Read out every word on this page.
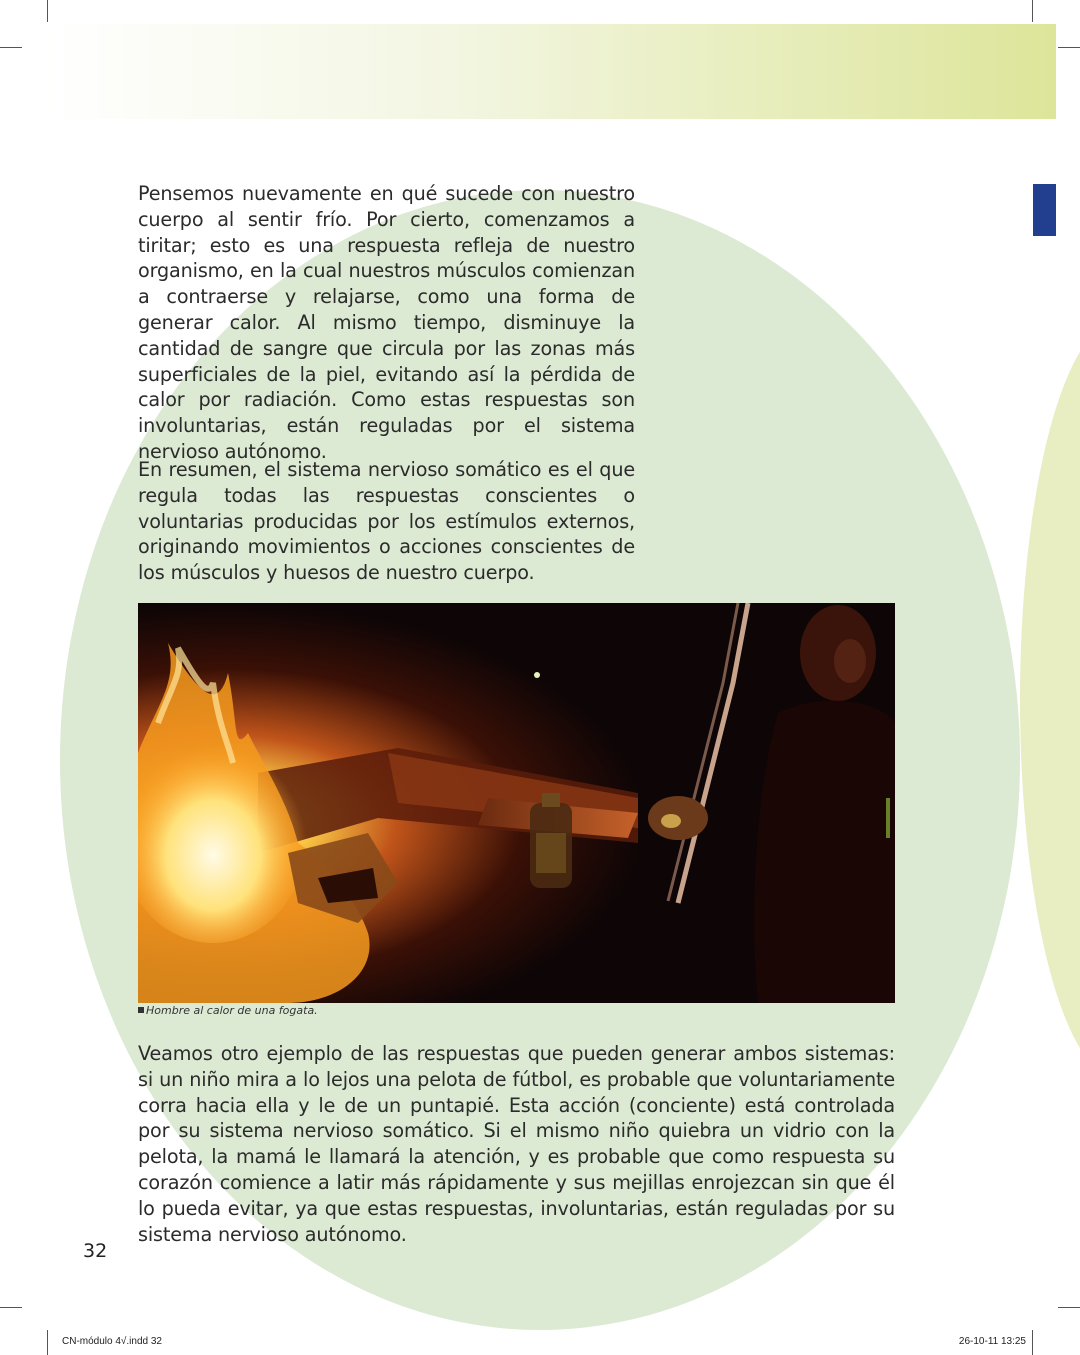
Pensemos nuevamente en qué sucede con nuestro cuerpo al sentir frío. Por cierto, comenzamos a tiritar; esto es una respuesta refleja de nuestro organismo, en la cual nuestros músculos comienzan a contraerse y relajarse, como una forma de generar calor. Al mismo tiempo, disminuye la cantidad de sangre que circula por las zonas más superficiales de la piel, evitando así la pérdida de calor por radiación. Como estas respuestas son involuntarias, están reguladas por el sistema nervioso autónomo.
En resumen, el sistema nervioso somático es el que regula todas las respuestas conscientes o voluntarias producidas por los estímulos externos, originando movimientos o acciones conscientes de los músculos y huesos de nuestro cuerpo.
Hombre al calor de una fogata.
Veamos otro ejemplo de las respuestas que pueden generar ambos sistemas: si un niño mira a lo lejos una pelota de fútbol, es probable que voluntariamente corra hacia ella y le de un puntapié. Esta acción (conciente) está controlada por su sistema nervioso somático. Si el mismo niño quiebra un vidrio con la pelota, la mamá le llamará la atención, y es probable que como respuesta su corazón comience a latir más rápidamente y sus mejillas enrojezcan sin que él lo pueda evitar, ya que estas respuestas, involuntarias, están reguladas por su sistema nervioso autónomo.
32
CN-módulo 4√.indd 32	26-10-11 13:25
